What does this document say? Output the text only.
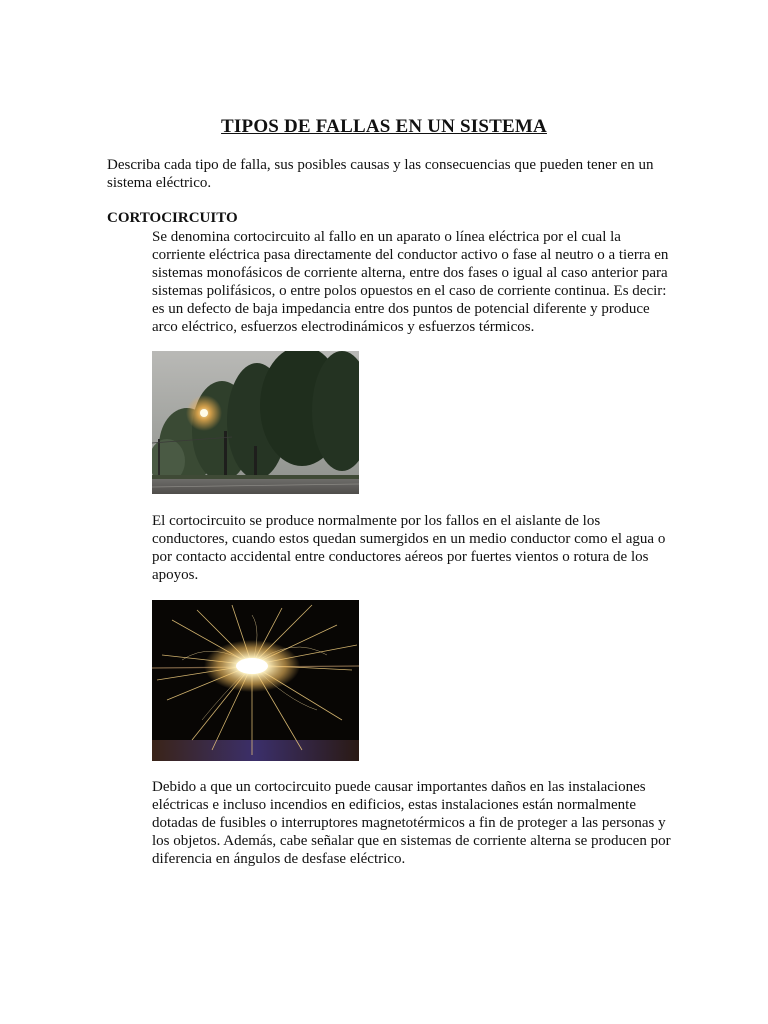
TIPOS DE FALLAS EN UN SISTEMA
Describa cada tipo de falla, sus posibles causas y las consecuencias que pueden tener en un sistema eléctrico.
CORTOCIRCUITO
Se denomina cortocircuito al fallo en un aparato o línea eléctrica por el cual la corriente eléctrica pasa directamente del conductor activo o fase al neutro o a tierra en sistemas monofásicos de corriente alterna, entre dos fases o igual al caso anterior para sistemas polifásicos, o entre polos opuestos en el caso de corriente continua. Es decir: es un defecto de baja impedancia entre dos puntos de potencial diferente y produce arco eléctrico, esfuerzos electrodinámicos y esfuerzos térmicos.
El cortocircuito se produce normalmente por los fallos en el aislante de los conductores, cuando estos quedan sumergidos en un medio conductor como el agua o por contacto accidental entre conductores aéreos por fuertes vientos o rotura de los apoyos.
Debido a que un cortocircuito puede causar importantes daños en las instalaciones eléctricas e incluso incendios en edificios, estas instalaciones están normalmente dotadas de fusibles o interruptores magnetotérmicos a fin de proteger a las personas y los objetos. Además, cabe señalar que en sistemas de corriente alterna se producen por diferencia en ángulos de desfase eléctrico.
